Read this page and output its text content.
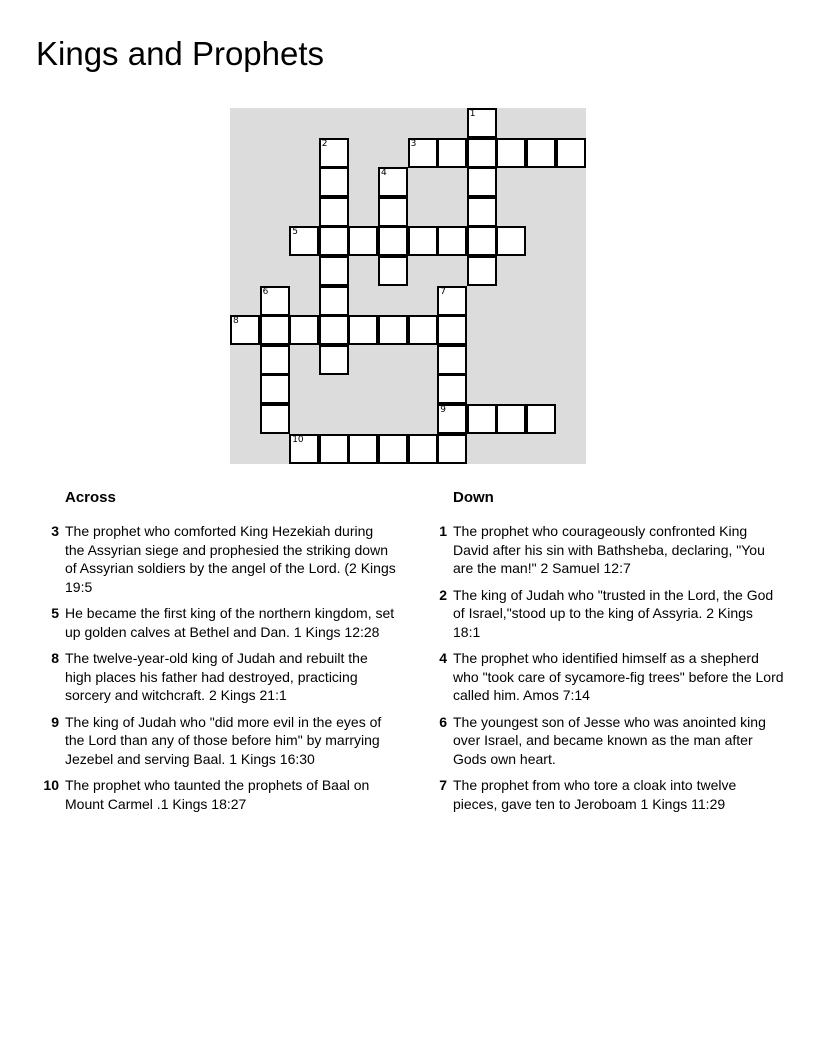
Kings and Prophets
3
5
8
9
10
1
2
4
6	7
Across
3 The prophet who comforted King Hezekiah during the Assyrian siege and prophesied the striking down of Assyrian soldiers by the angel of the Lord. (2 Kings 19:5
5 He became the first king of the northern kingdom, set up golden calves at Bethel and Dan. 1 Kings 12:28
8 The twelve-year-old king of Judah and rebuilt the high places his father had destroyed, practicing sorcery and witchcraft. 2 Kings 21:1
9 The king of Judah who "did more evil in the eyes of the Lord than any of those before him" by marrying Jezebel and serving Baal. 1 Kings 16:30
10 The prophet who taunted the prophets of Baal on Mount Carmel .1 Kings 18:27
Down
1 The prophet who courageously confronted King David after his sin with Bathsheba, declaring, "You are the man!" 2 Samuel 12:7
2 The king of Judah who "trusted in the Lord, the God of Israel,"stood up to the king of Assyria. 2 Kings 18:1
4 The prophet who identified himself as a shepherd who "took care of sycamore-fig trees" before the Lord called him. Amos 7:14
6 The youngest son of Jesse who was anointed king over Israel, and became known as the man after Gods own heart.
7 The prophet from who tore a cloak into twelve pieces, gave ten to Jeroboam 1 Kings 11:29
